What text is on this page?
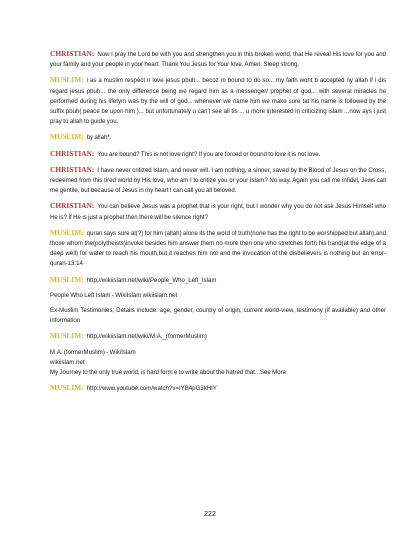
CHRISTIAN: Now I pray the Lord be with you and strengthen you in this broken world, that He reveal His love for you and your family and your people in your heart. Thank You Jesus for Your love. Amen. Sleep strong.

MUSLIM: i as a muslim respect n love jesus pbuh... becoz m bound to do so... my faith wont b accepted ny allah if i dis regard jesus pbuh... the only difference being we regard him as a messenger/ prophet of god... with several miracles he performed during his lifetym was by the will of god... whenever we name him we make sure tat his name is followed by the suffix pbuh( peace be upon him )... but unfortunately u can't see all tis ... u more interested in criticizing islam ...now ays i just pray to allah to guide you.

MUSLIM: by allah*.

CHRISTIAN: You are bound? This is not love right? If you are forced or bound to love it is not love.

CHRISTIAN: I have never critized Islam, and never will. I am nothing, a sinner, saved by the Blood of Jesus on the Cross, redeemed from this tired world by His love, who am I to critize you or your Islam? No way. Again you call me infidel, Jews call me gentile, but because of Jesus in my heart I can call you all beloved.

CHRISTIAN: You can believe Jesus was a prophet that is your right, but I wonder why you do not ask Jesus Himself who He is? If He is just a prophet then there will be silence right?

MUSLIM: quran says sure al(?) for him (allah) alone its the word of truth(none has the right to be worshipped but allah),and those whom the(polytheists)invoke besides him answer them no more then one who stretches forth his hand(at the edge of a deep well) for water to reach his mouth,but it reaches him not and the invocation of the disbelievers is nothing but an error-quran-13:14

MUSLIM: http://wikiislam.net/wiki/People_Who_Left_Islam

People Who Left Islam - WikiIslam wikiislam.net

Ex-Muslim Testimonies; Details include: age, gender, country of origin, current world-view, testimony (if available) and other information

MUSLIM: http://wikiislam.net/wiki/M.A._(formerMuslim)

M.A. (formerMuslim) - WikiIslam
wikiislam.net
My Journey to the only true world, is hard form e to write about the hatred that...See More

MUSLIM: http://www.youtube.com/watch?v=IYB4pG3kHIY

222
